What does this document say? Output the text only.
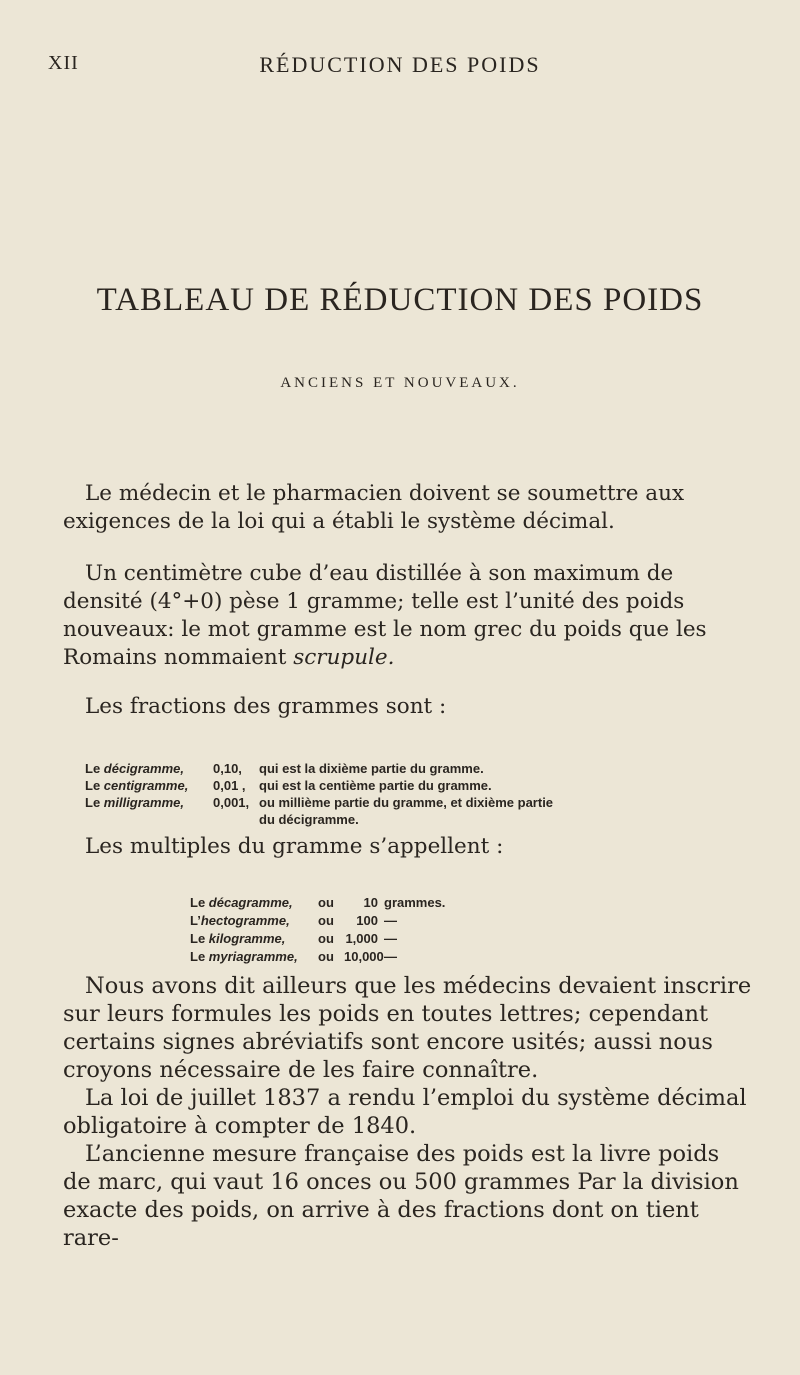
XII	RÉDUCTION DES POIDS
TABLEAU DE RÉDUCTION DES POIDS
ANCIENS ET NOUVEAUX.

Le médecin et le pharmacien doivent se soumettre aux exigences de la loi qui a établi le système décimal.

Un centimètre cube d’eau distillée à son maximum de densité (4°+0) pèse 1 gramme; telle est l’unité des poids nouveaux: le mot gramme est le nom grec du poids que les Romains nommaient scrupule.

Les fractions des grammes sont :

Le décigramme,	0,10,	qui est la dixième partie du gramme.
Le centigramme,	0,01 ,	qui est la centième partie du gramme.
Le milligramme,	0,001, ou millième partie du gramme, et dixième partie
du décigramme.

Les multiples du gramme s’appellent :

Le décagramme,	ou	10 grammes.
L’hectogramme,	ou	100 —
Le kilogramme,	ou 1,000 —
Le myriagramme,	ou 10,000 —

Nous avons dit ailleurs que les médecins devaient inscrire sur leurs formules les poids en toutes lettres; cependant certains signes abréviatifs sont encore usités; aussi nous croyons nécessaire de les faire connaître.

La loi de juillet 1837 a rendu l’emploi du système décimal obligatoire à compter de 1840.

L’ancienne mesure française des poids est la livre poids de marc, qui vaut 16 onces ou 500 grammes Par la division exacte des poids, on arrive à des fractions dont on tient rare-
